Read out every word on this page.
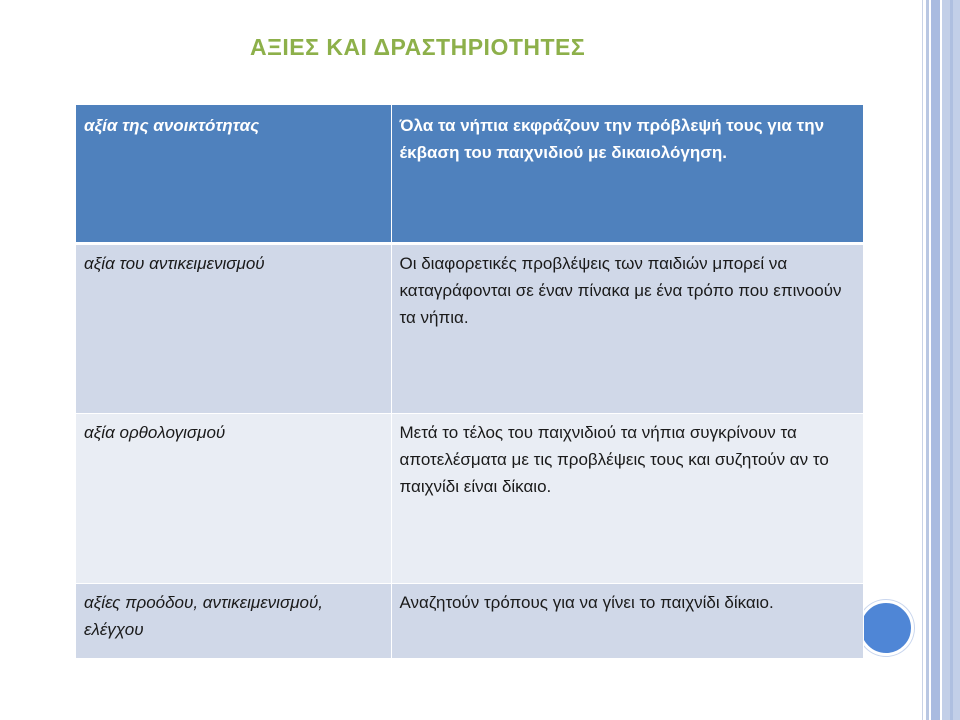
ΑΞΙΕΣ ΚΑΙ ΔΡΑΣΤΗΡΙΟΤΗΤΕΣ
αξία της ανοικτότητας	Όλα τα νήπια εκφράζουν την πρόβλεψή τους για την έκβαση του παιχνιδιού με δικαιολόγηση.
αξία του αντικειμενισμού	Οι διαφορετικές προβλέψεις των παιδιών μπορεί να καταγράφονται σε έναν πίνακα με ένα τρόπο που επινοούν τα νήπια.
αξία ορθολογισμού	Μετά το τέλος του παιχνιδιού τα νήπια συγκρίνουν τα αποτελέσματα με τις προβλέψεις τους και συζητούν αν το παιχνίδι είναι δίκαιο.
αξίες προόδου, αντικειμενισμού, ελέγχου	Αναζητούν τρόπους για να γίνει το παιχνίδι δίκαιο.
